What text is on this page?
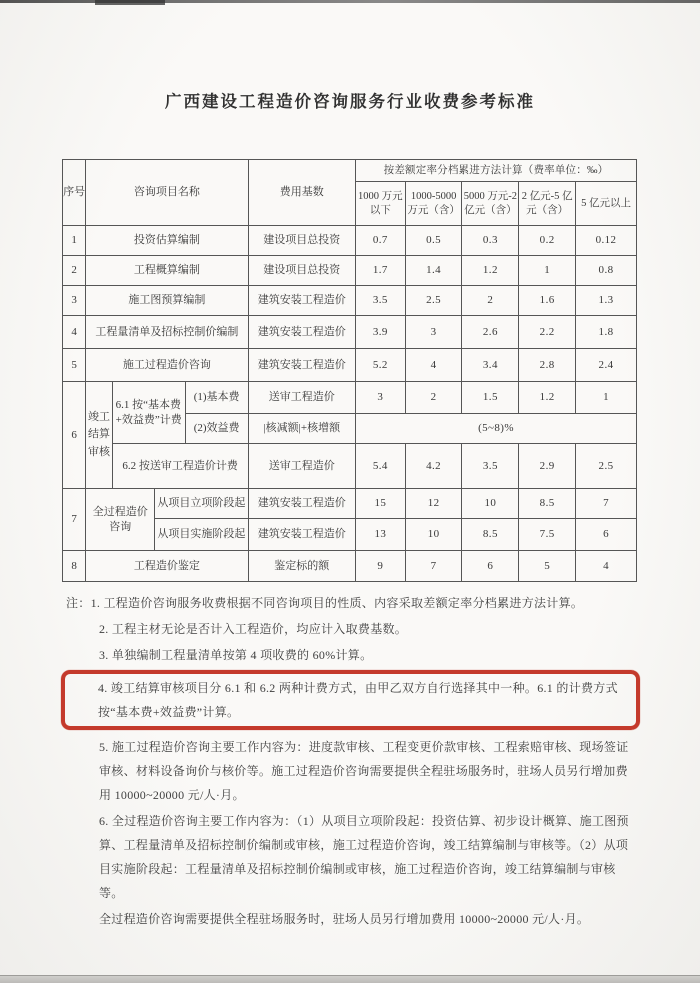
广西建设工程造价咨询服务行业收费参考标准
序号	咨询项目名称				费用基数	按差额定率分档累进方法计算（费率单位：‰）				
						1000 万元以下	1000-5000 万元（含）	5000 万元-2 亿元（含）	2 亿元-5 亿元（含）	5 亿元以上
1	投资估算编制				建设项目总投资	0.7	0.5	0.3	0.2	0.12
2	工程概算编制				建设项目总投资	1.7	1.4	1.2	1	0.8
3	施工图预算编制				建筑安装工程造价	3.5	2.5	2	1.6	1.3
4	工程量清单及招标控制价编制				建筑安装工程造价	3.9	3	2.6	2.2	1.8
5	施工过程造价咨询				建筑安装工程造价	5.2	4	3.4	2.8	2.4
6	竣工结算审核	6.1 按“基本费+效益费”计费		(1)基本费	送审工程造价	3	2	1.5	1.2	1
				(2)效益费	|核减额|+核增额	(5~8)%				
		6.2 按送审工程造价计费			送审工程造价	5.4	4.2	3.5	2.9	2.5
7	全过程造价咨询		从项目立项阶段起		建筑安装工程造价	15	12	10	8.5	7
			从项目实施阶段起		建筑安装工程造价	13	10	8.5	7.5	6
8	工程造价鉴定				鉴定标的额	9	7	6	5	4

注：1. 工程造价咨询服务收费根据不同咨询项目的性质、内容采取差额定率分档累进方法计算。

2. 工程主材无论是否计入工程造价，均应计入取费基数。

3. 单独编制工程量清单按第 4 项收费的 60%计算。

4. 竣工结算审核项目分 6.1 和 6.2 两种计费方式，由甲乙双方自行选择其中一种。6.1 的计费方式按“基本费+效益费”计算。

5. 施工过程造价咨询主要工作内容为：进度款审核、工程变更价款审核、工程索赔审核、现场签证审核、材料设备询价与核价等。施工过程造价咨询需要提供全程驻场服务时，驻场人员另行增加费用 10000~20000 元/人·月。

6. 全过程造价咨询主要工作内容为：（1）从项目立项阶段起：投资估算、初步设计概算、施工图预算、工程量清单及招标控制价编制或审核，施工过程造价咨询，竣工结算编制与审核等。（2）从项目实施阶段起：工程量清单及招标控制价编制或审核，施工过程造价咨询，竣工结算编制与审核等。

全过程造价咨询需要提供全程驻场服务时，驻场人员另行增加费用 10000~20000 元/人·月。
